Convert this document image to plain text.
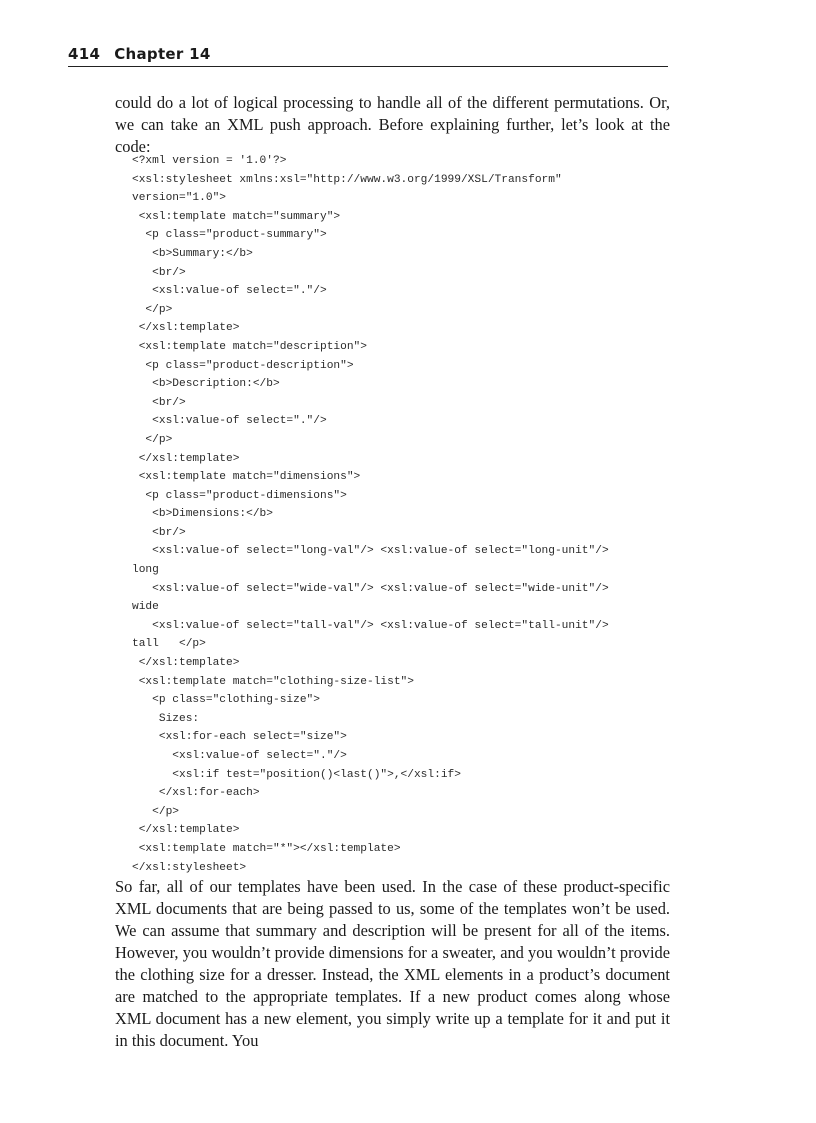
414 Chapter 14

could do a lot of logical processing to handle all of the different permutations. Or, we can take an XML push approach. Before explaining further, let’s look at the code:

<?xml version = '1.0'?>
<xsl:stylesheet xmlns:xsl="http://www.w3.org/1999/XSL/Transform"
version="1.0">
<xsl:template match="summary">
<p class="product-summary">
<b>Summary:</b>
<br/>
<xsl:value-of select="."/>
</p>
</xsl:template>
<xsl:template match="description">
<p class="product-description">
<b>Description:</b>
<br/>
<xsl:value-of select="."/>
</p>
</xsl:template>
<xsl:template match="dimensions">
<p class="product-dimensions">
<b>Dimensions:</b>
<br/>
<xsl:value-of select="long-val"/> <xsl:value-of select="long-unit"/>
long
<xsl:value-of select="wide-val"/> <xsl:value-of select="wide-unit"/>
wide
<xsl:value-of select="tall-val"/> <xsl:value-of select="tall-unit"/>
tall   </p>
</xsl:template>
<xsl:template match="clothing-size-list">
<p class="clothing-size">
Sizes:
<xsl:for-each select="size">
<xsl:value-of select="."/>
<xsl:if test="position()<last()">,</xsl:if>
</xsl:for-each>
</p>
</xsl:template>
<xsl:template match="*"></xsl:template>
</xsl:stylesheet>

So far, all of our templates have been used. In the case of these product-specific XML documents that are being passed to us, some of the templates won’t be used. We can assume that summary and description will be present for all of the items. However, you wouldn’t provide dimensions for a sweater, and you wouldn’t provide the clothing size for a dresser. Instead, the XML elements in a product’s document are matched to the appropriate templates. If a new product comes along whose XML document has a new element, you simply write up a template for it and put it in this document. You
